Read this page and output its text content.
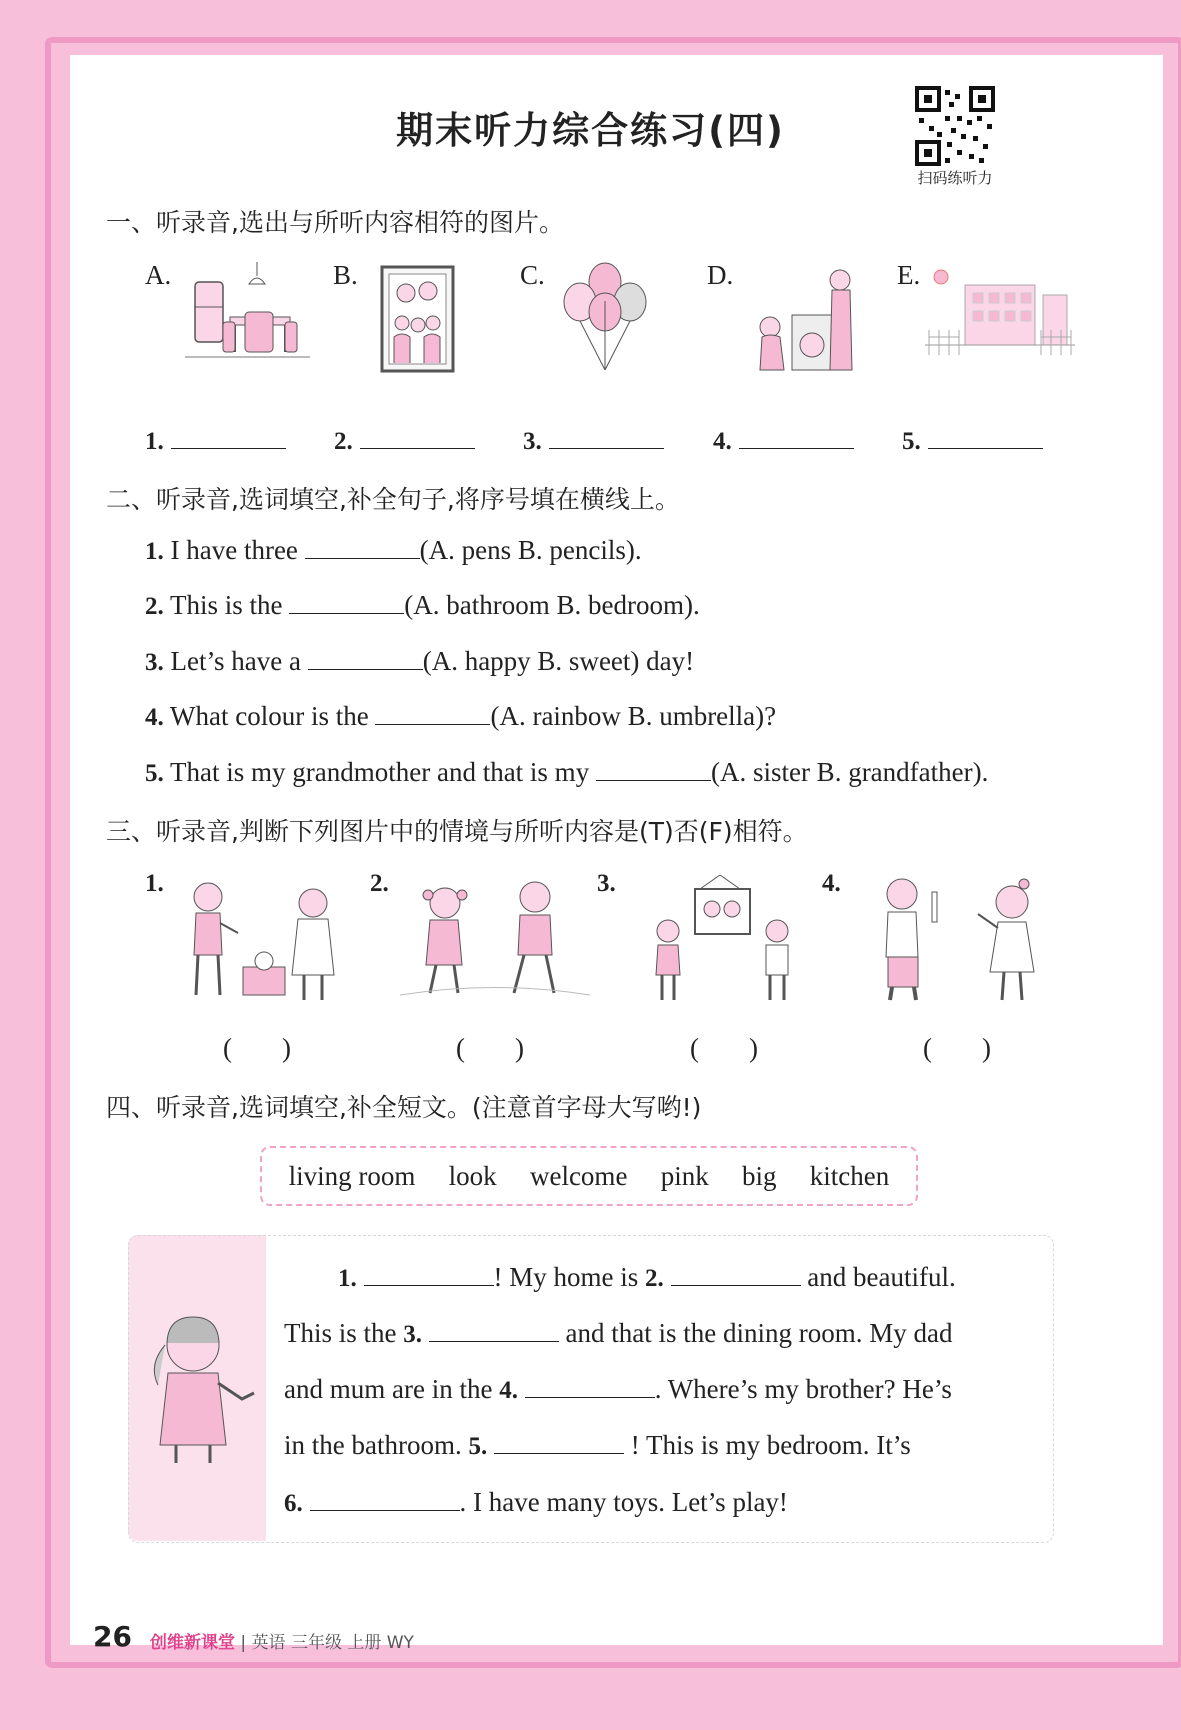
期末听力综合练习(四)
扫码练听力
一、听录音,选出与所听内容相符的图片。
A.	B.	C.	D.	E.
1.	2.	3.	4.	5.
二、听录音,选词填空,补全句子,将序号填在横线上。
1. I have three	(A. pens B. pencils).
2. This is the	(A. bathroom B. bedroom).
3. Let’s have a	(A. happy B. sweet) day!
4. What colour is the	(A. rainbow B. umbrella)?
5. That is my grandmother and that is my	(A. sister B. grandfather).
三、听录音,判断下列图片中的情境与所听内容是(T)否(F)相符。
1.	2.	3.	4.
( )	( )	( )	( )
四、听录音,选词填空,补全短文。(注意首字母大写哟!)
living room look welcome pink big kitchen
1.	! My home is 2.	and beautiful.
This is the 3.	and that is the dining room. My dad
and mum are in the 4.	. Where’s my brother? He’s
in the bathroom. 5.	! This is my bedroom. It’s
6.	. I have many toys. Let’s play!
26 创维新课堂 | 英语 三年级 上册 WY
